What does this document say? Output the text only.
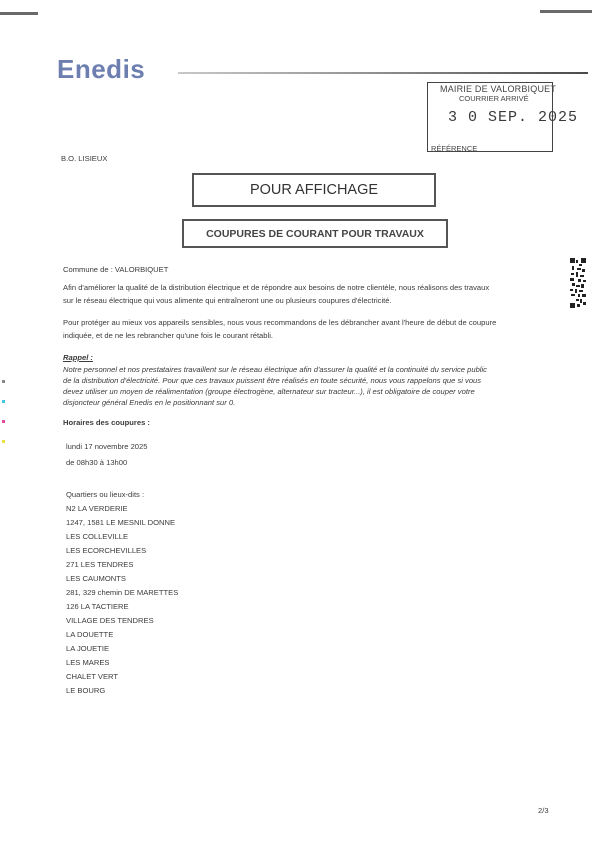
Enedis
MAIRIE DE VALORBIQUET
COURRIER ARRIVÉ
3 0 SEP. 2025
RÉFÉRENCE
B.O. LISIEUX
POUR AFFICHAGE
COUPURES DE COURANT POUR TRAVAUX
Commune de : VALORBIQUET
Afin d'améliorer la qualité de la distribution électrique et de répondre aux besoins de notre clientèle, nous réalisons des travaux
sur le réseau électrique qui vous alimente qui entraîneront une ou plusieurs coupures d'électricité.
Pour protéger au mieux vos appareils sensibles, nous vous recommandons de les débrancher avant l'heure de début de coupure
indiquée, et de ne les rebrancher qu'une fois le courant rétabli.
Rappel :
Notre personnel et nos prestataires travaillent sur le réseau électrique afin d'assurer la qualité et la continuité du service public
de la distribution d'électricité. Pour que ces travaux puissent être réalisés en toute sécurité, nous vous rappelons que si vous
devez utiliser un moyen de réalimentation (groupe électrogène, alternateur sur tracteur...), il est obligatoire de couper votre
disjoncteur général Enedis en le positionnant sur 0.
Horaires des coupures :
lundi 17 novembre 2025
de 08h30 à 13h00
Quartiers ou lieux-dits :
N2 LA VERDERIE
1247, 1581 LE MESNIL DONNE
LES COLLEVILLE
LES ECORCHEVILLES
271 LES TENDRES
LES CAUMONTS
281, 329 chemin DE MARETTES
126 LA TACTIERE
VILLAGE DES TENDRES
LA DOUETTE
LA JOUETIE
LES MARES
CHALET VERT
LE BOURG
2/3
